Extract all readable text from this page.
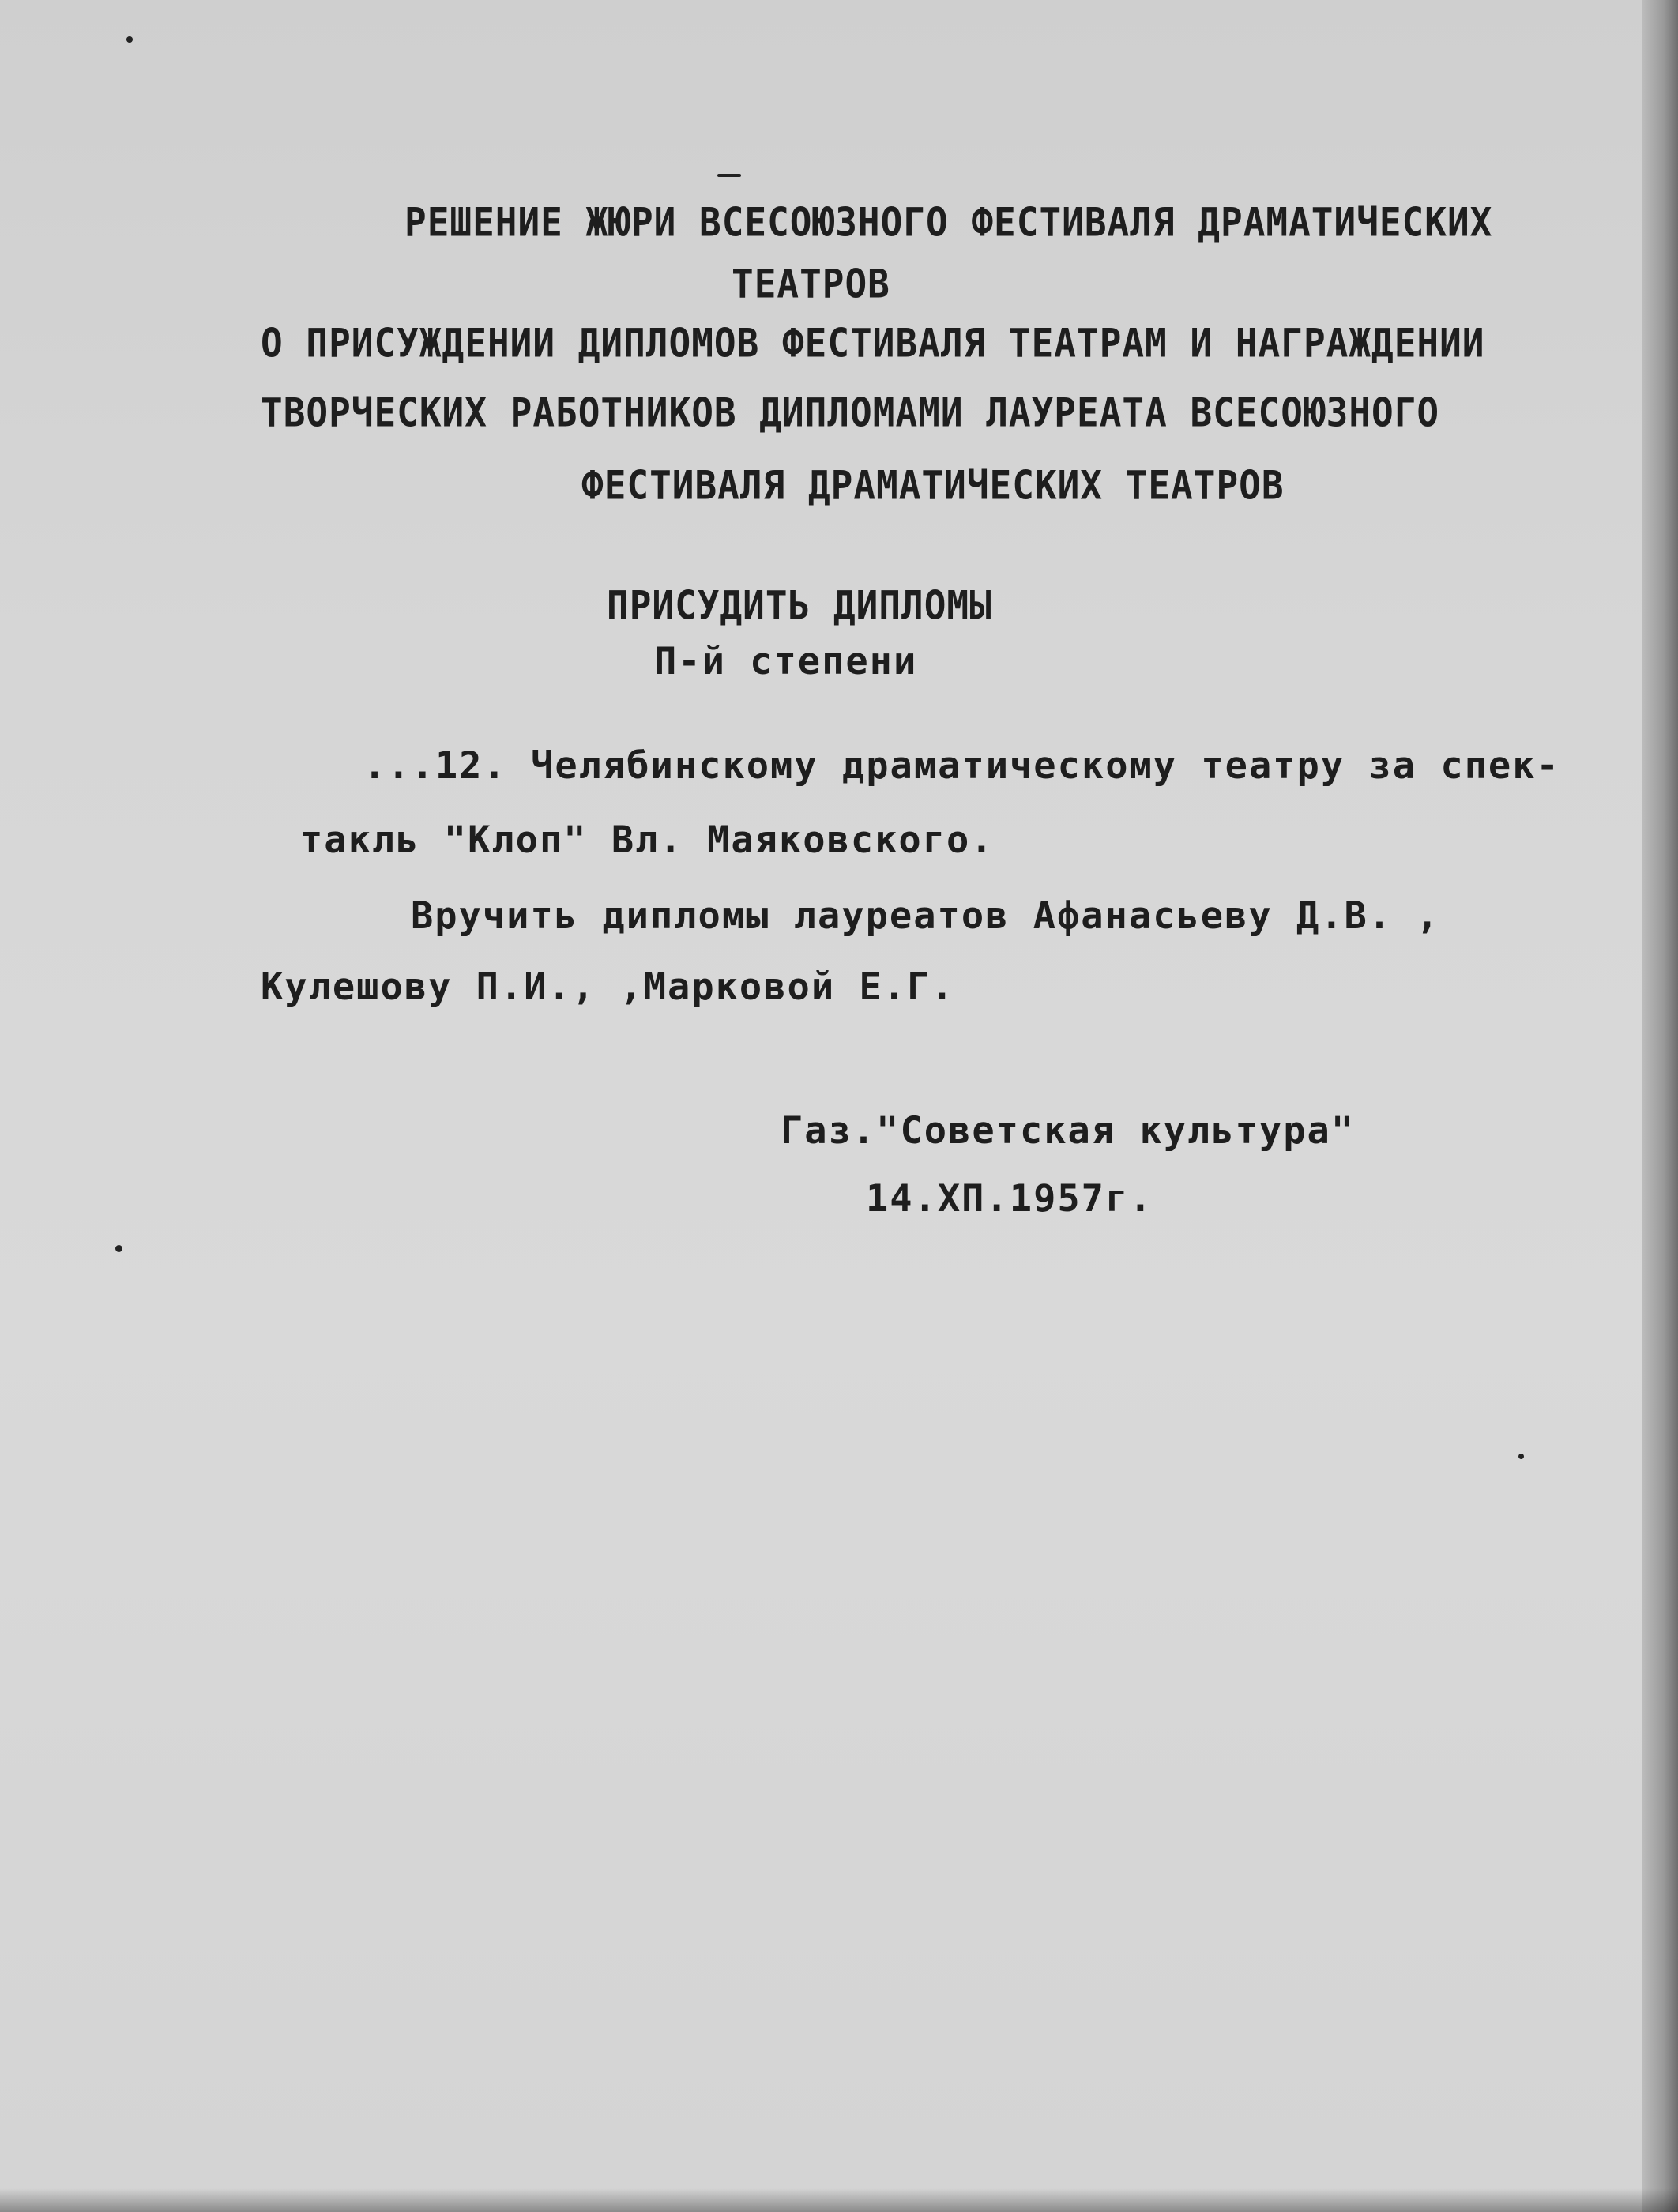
РЕШЕНИЕ ЖЮРИ ВСЕСОЮЗНОГО ФЕСТИВАЛЯ ДРАМАТИЧЕСКИХ
ТЕАТРОВ
О ПРИСУЖДЕНИИ ДИПЛОМОВ ФЕСТИВАЛЯ ТЕАТРАМ И НАГРАЖДЕНИИ
ТВОРЧЕСКИХ РАБОТНИКОВ ДИПЛОМАМИ ЛАУРЕАТА ВСЕСОЮЗНОГО
ФЕСТИВАЛЯ ДРАМАТИЧЕСКИХ ТЕАТРОВ
ПРИСУДИТЬ ДИПЛОМЫ
П-й степени
...12. Челябинскому драматическому театру за спек-
такль "Клоп" Вл. Маяковского.
Вручить дипломы лауреатов Афанасьеву Д.В. ,
Кулешову П.И., ,Марковой Е.Г.
Газ."Советская культура"
14.ХП.1957г.
